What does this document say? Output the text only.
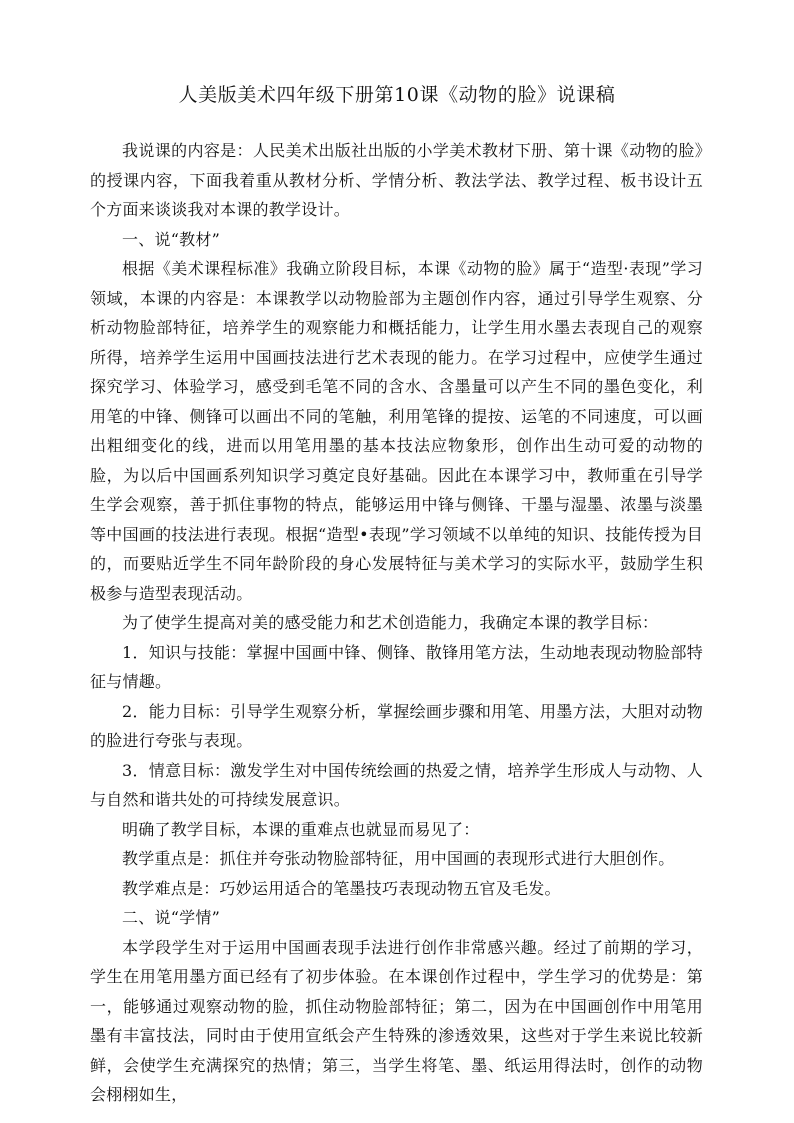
人美版美术四年级下册第10课《动物的脸》说课稿

我说课的内容是：人民美术出版社出版的小学美术教材下册、第十课《动物的脸》的授课内容，下面我着重从教材分析、学情分析、教法学法、教学过程、板书设计五个方面来谈谈我对本课的教学设计。

一、说“教材”

根据《美术课程标准》我确立阶段目标，本课《动物的脸》属于“造型·表现”学习领域，本课的内容是：本课教学以动物脸部为主题创作内容，通过引导学生观察、分析动物脸部特征，培养学生的观察能力和概括能力，让学生用水墨去表现自己的观察所得，培养学生运用中国画技法进行艺术表现的能力。在学习过程中，应使学生通过探究学习、体验学习，感受到毛笔不同的含水、含墨量可以产生不同的墨色变化，利用笔的中锋、侧锋可以画出不同的笔触，利用笔锋的提按、运笔的不同速度，可以画出粗细变化的线，进而以用笔用墨的基本技法应物象形，创作出生动可爱的动物的脸，为以后中国画系列知识学习奠定良好基础。因此在本课学习中，教师重在引导学生学会观察，善于抓住事物的特点，能够运用中锋与侧锋、干墨与湿墨、浓墨与淡墨等中国画的技法进行表现。根据“造型•表现”学习领域不以单纯的知识、技能传授为目的，而要贴近学生不同年龄阶段的身心发展特征与美术学习的实际水平，鼓励学生积极参与造型表现活动。

为了使学生提高对美的感受能力和艺术创造能力，我确定本课的教学目标：

1．知识与技能：掌握中国画中锋、侧锋、散锋用笔方法，生动地表现动物脸部特征与情趣。

2．能力目标：引导学生观察分析，掌握绘画步骤和用笔、用墨方法，大胆对动物的脸进行夸张与表现。

3．情意目标：激发学生对中国传统绘画的热爱之情，培养学生形成人与动物、人与自然和谐共处的可持续发展意识。

明确了教学目标，本课的重难点也就显而易见了：

教学重点是：抓住并夸张动物脸部特征，用中国画的表现形式进行大胆创作。

教学难点是：巧妙运用适合的笔墨技巧表现动物五官及毛发。

二、说“学情”

本学段学生对于运用中国画表现手法进行创作非常感兴趣。经过了前期的学习，学生在用笔用墨方面已经有了初步体验。在本课创作过程中，学生学习的优势是：第一，能够通过观察动物的脸，抓住动物脸部特征；第二，因为在中国画创作中用笔用墨有丰富技法，同时由于使用宣纸会产生特殊的渗透效果，这些对于学生来说比较新鲜，会使学生充满探究的热情；第三，当学生将笔、墨、纸运用得法时，创作的动物会栩栩如生，
